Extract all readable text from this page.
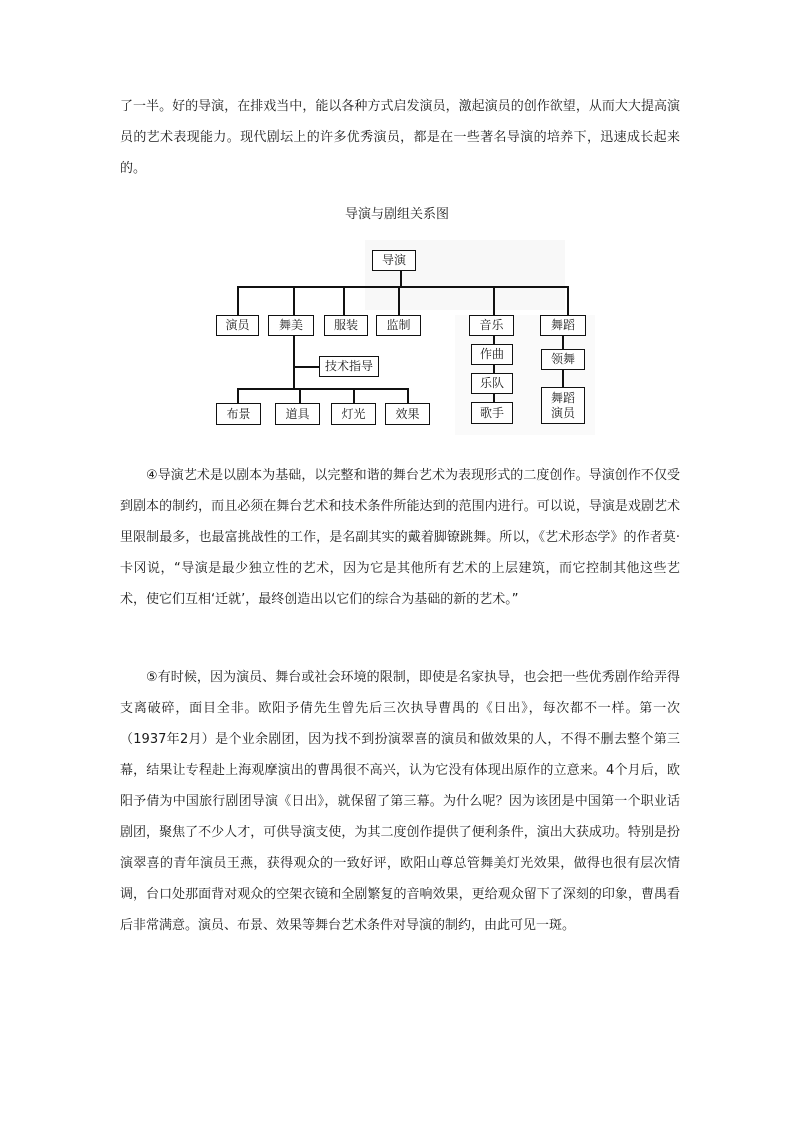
了一半。好的导演，在排戏当中，能以各种方式启发演员，激起演员的创作欲望，从而大大提高演员的艺术表现能力。现代剧坛上的许多优秀演员，都是在一些著名导演的培养下，迅速成长起来的。

导演与剧组关系图
导演
演员	舞美	服装	监制	音乐	舞蹈
技术指导
布景	道具	灯光	效果
作曲
乐队
歌手
领舞
舞蹈
演员

④导演艺术是以剧本为基础，以完整和谐的舞台艺术为表现形式的二度创作。导演创作不仅受到剧本的制约，而且必须在舞台艺术和技术条件所能达到的范围内进行。可以说，导演是戏剧艺术里限制最多，也最富挑战性的工作，是名副其实的戴着脚镣跳舞。所以，《艺术形态学》的作者莫·卡冈说，“导演是最少独立性的艺术，因为它是其他所有艺术的上层建筑，而它控制其他这些艺术，使它们互相‘迁就’，最终创造出以它们的综合为基础的新的艺术。”

⑤有时候，因为演员、舞台或社会环境的限制，即使是名家执导，也会把一些优秀剧作给弄得支离破碎，面目全非。欧阳予倩先生曾先后三次执导曹禺的《日出》，每次都不一样。第一次（1937年2月）是个业余剧团，因为找不到扮演翠喜的演员和做效果的人，不得不删去整个第三幕，结果让专程赴上海观摩演出的曹禺很不高兴，认为它没有体现出原作的立意来。4个月后，欧阳予倩为中国旅行剧团导演《日出》，就保留了第三幕。为什么呢？因为该团是中国第一个职业话剧团，聚焦了不少人才，可供导演支使，为其二度创作提供了便利条件，演出大获成功。特别是扮演翠喜的青年演员王燕，获得观众的一致好评，欧阳山尊总管舞美灯光效果，做得也很有层次情调，台口处那面背对观众的空架衣镜和全剧繁复的音响效果，更给观众留下了深刻的印象，曹禺看后非常满意。演员、布景、效果等舞台艺术条件对导演的制约，由此可见一斑。
